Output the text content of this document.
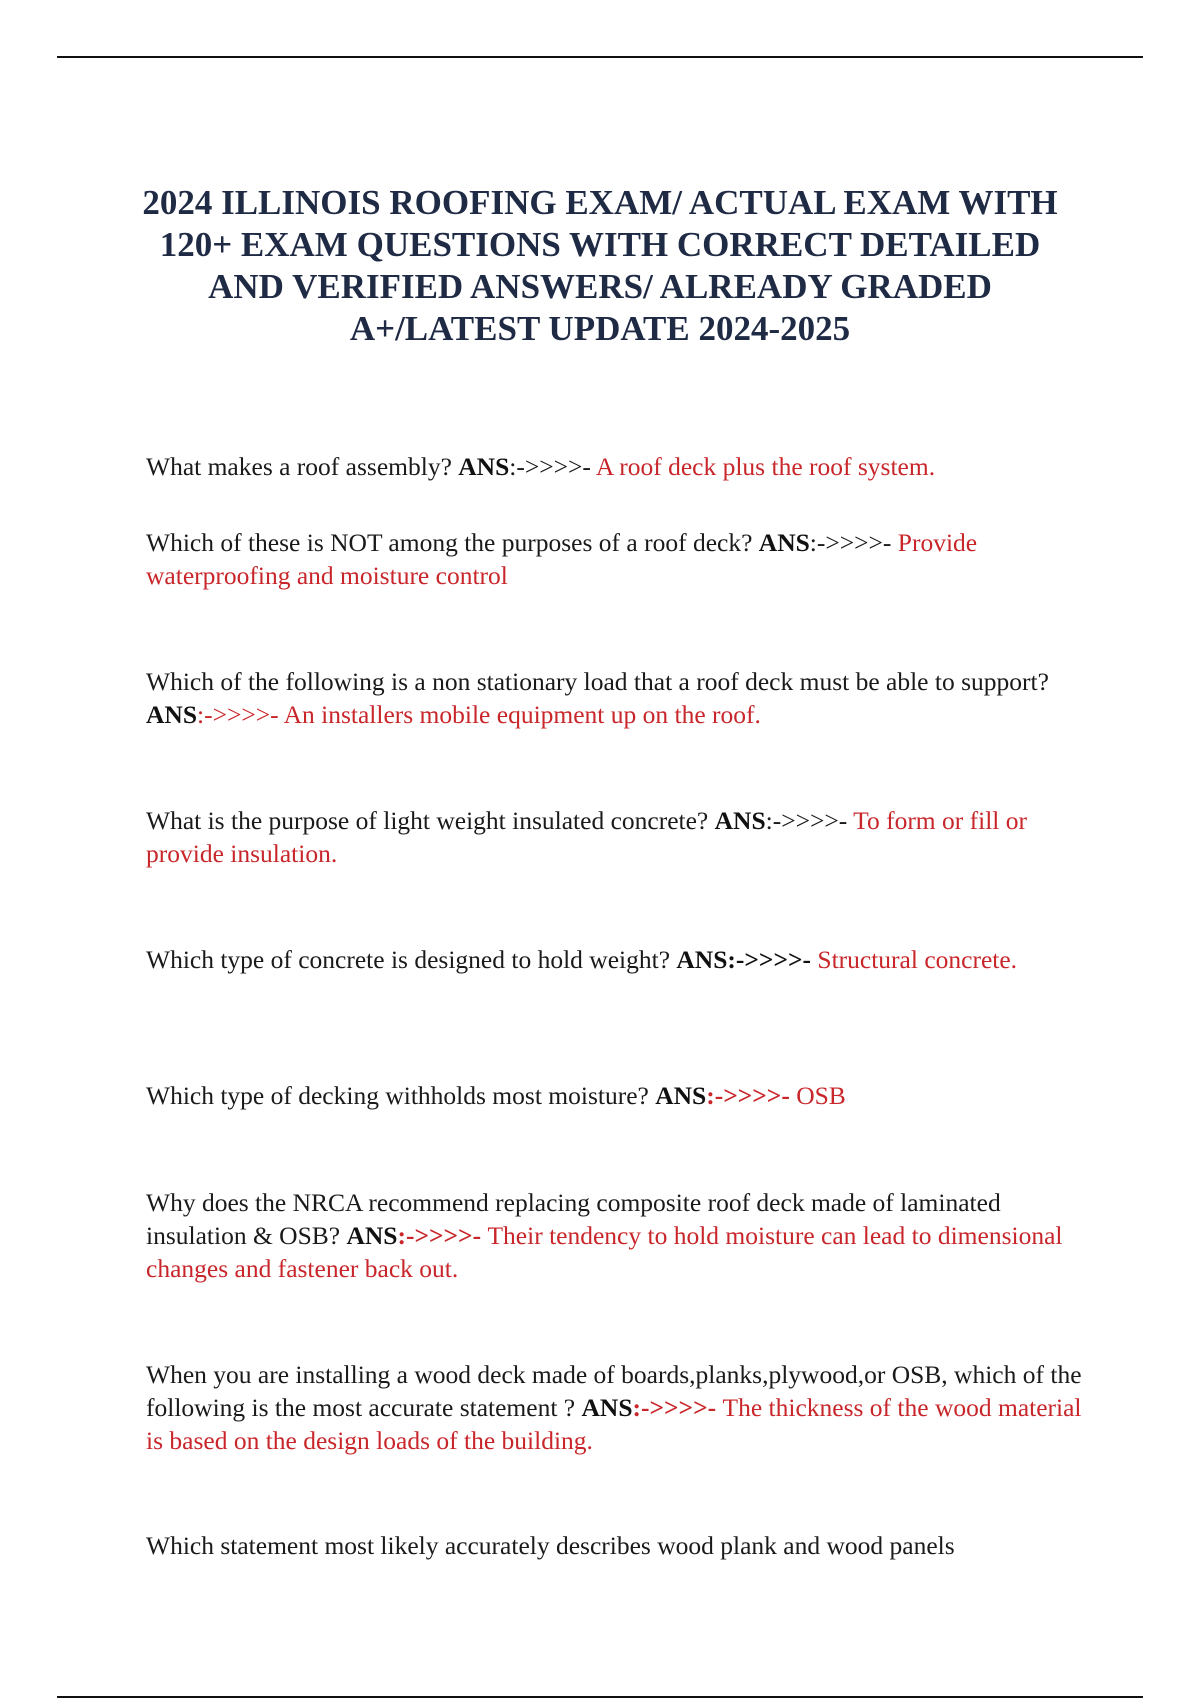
2024 ILLINOIS ROOFING EXAM/ ACTUAL EXAM WITH 120+ EXAM QUESTIONS WITH CORRECT DETAILED AND VERIFIED ANSWERS/ ALREADY GRADED A+/LATEST UPDATE 2024-2025
What makes a roof assembly? ANS:->>>>- A roof deck plus the roof system.
Which of these is NOT among the purposes of a roof deck? ANS:->>>>- Provide waterproofing and moisture control
Which of the following is a non stationary load that a roof deck must be able to support? ANS:->>>>- An installers mobile equipment up on the roof.
What is the purpose of light weight insulated concrete? ANS:->>>>- To form or fill or provide insulation.
Which type of concrete is designed to hold weight? ANS:->>>>- Structural concrete.
Which type of decking withholds most moisture? ANS:->>>>- OSB
Why does the NRCA recommend replacing composite roof deck made of laminated insulation & OSB? ANS:->>>>- Their tendency to hold moisture can lead to dimensional changes and fastener back out.
When you are installing a wood deck made of boards,planks,plywood,or OSB, which of the following is the most accurate statement ? ANS:->>>>- The thickness of the wood material is based on the design loads of the building.
Which statement most likely accurately describes wood plank and wood panels
